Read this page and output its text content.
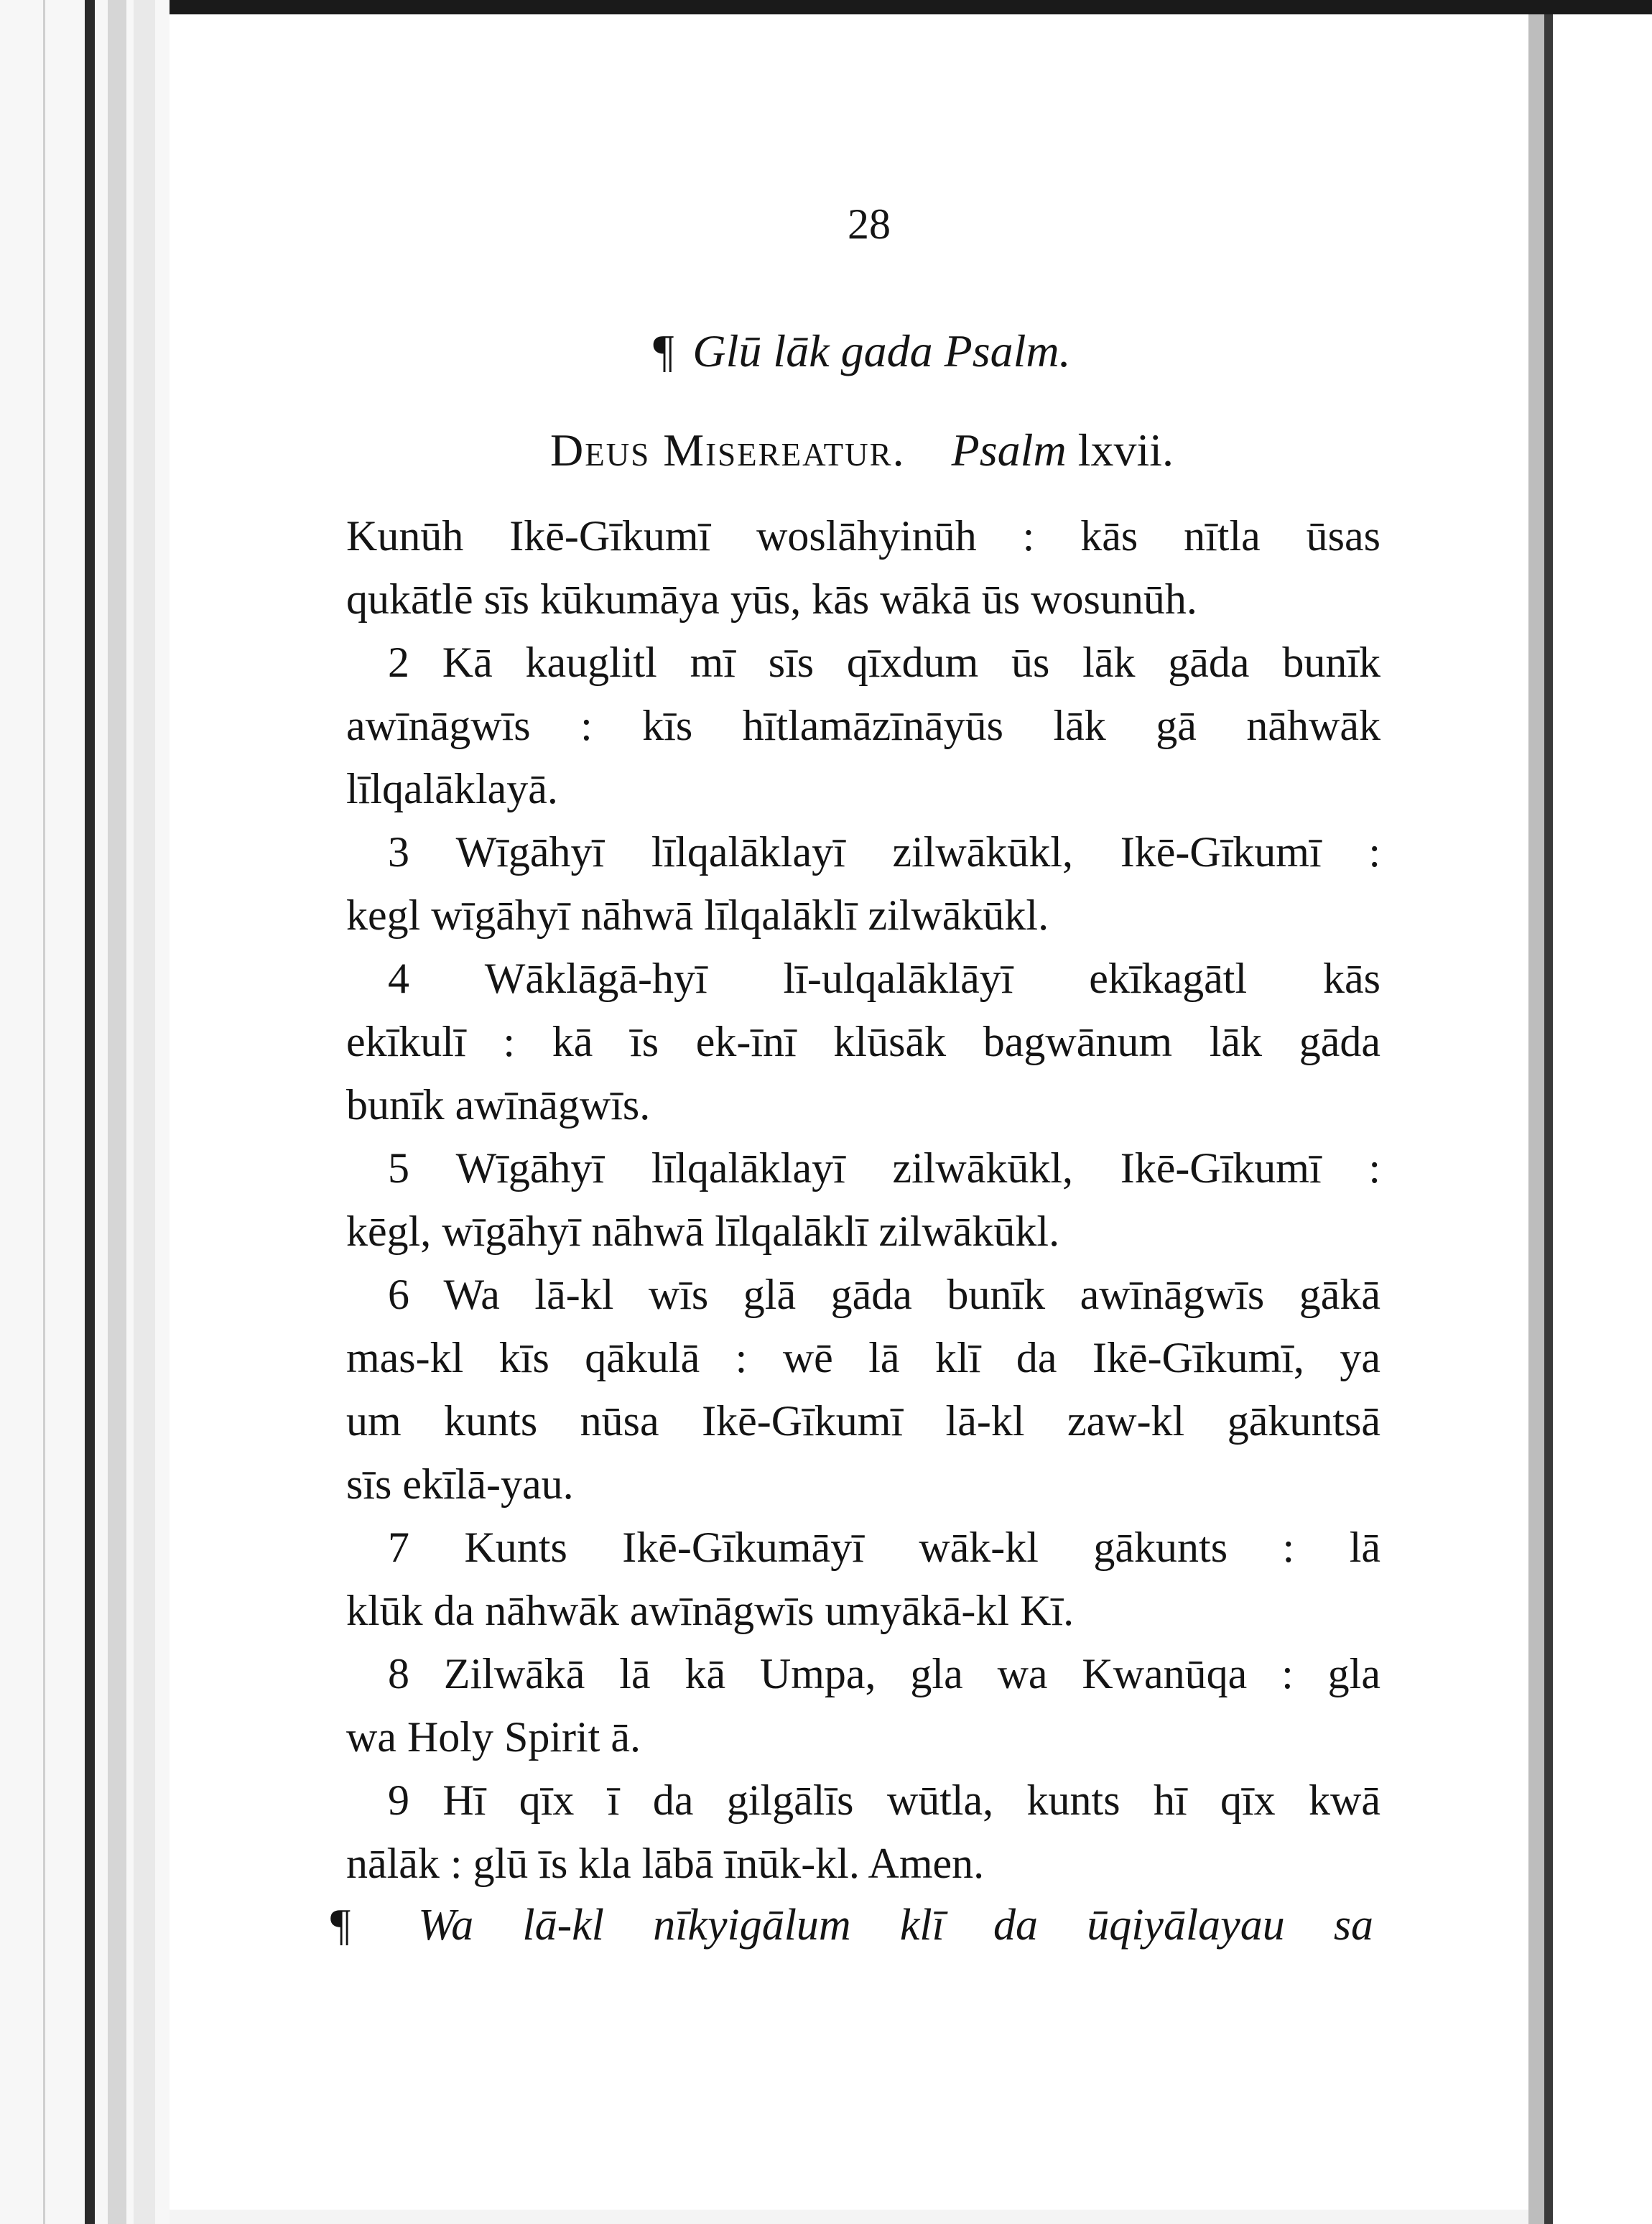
28
¶ Glū lāk gada Psalm.
Deus Misereatur. Psalm lxvii.
Kunūh Ikē-Gīkumī woslāhyinūh : kās nītla ūsas
qukātlē sīs kūkumāya yūs, kās wākā ūs wosunūh.
2 Kā kauglitl mī sīs qīxdum ūs lāk gāda bunīk
awīnāgwīs : kīs hītlamāzīnāyūs lāk gā nāhwāk
līlqalāklayā.
3 Wīgāhyī līlqalāklayī zilwākūkl, Ikē-Gīkumī :
kegl wīgāhyī nāhwā līlqalāklī zilwākūkl.
4 Wāklāgā-hyī lī-ulqalāklāyī ekīkagātl kās
ekīkulī : kā īs ek-īnī klūsāk bagwānum lāk gāda
bunīk awīnāgwīs.
5 Wīgāhyī līlqalāklayī zilwākūkl, Ikē-Gīkumī :
kēgl, wīgāhyī nāhwā līlqalāklī zilwākūkl.
6 Wa lā-kl wīs glā gāda bunīk awīnāgwīs gākā
mas-kl kīs qākulā : wē lā klī da Ikē-Gīkumī, ya
um kunts nūsa Ikē-Gīkumī lā-kl zaw-kl gākuntsā
sīs ekīlā-yau.
7 Kunts Ikē-Gīkumāyī wāk-kl gākunts : lā
klūk da nāhwāk awīnāgwīs umyākā-kl Kī.
8 Zilwākā lā kā Umpa, gla wa Kwanūqa : gla
wa Holy Spirit ā.
9 Hī qīx ī da gilgālīs wūtla, kunts hī qīx kwā
nālāk : glū īs kla lābā īnūk-kl. Amen.
¶ Wa lā-kl nīkyigālum klī da ūqiyālayau sa
